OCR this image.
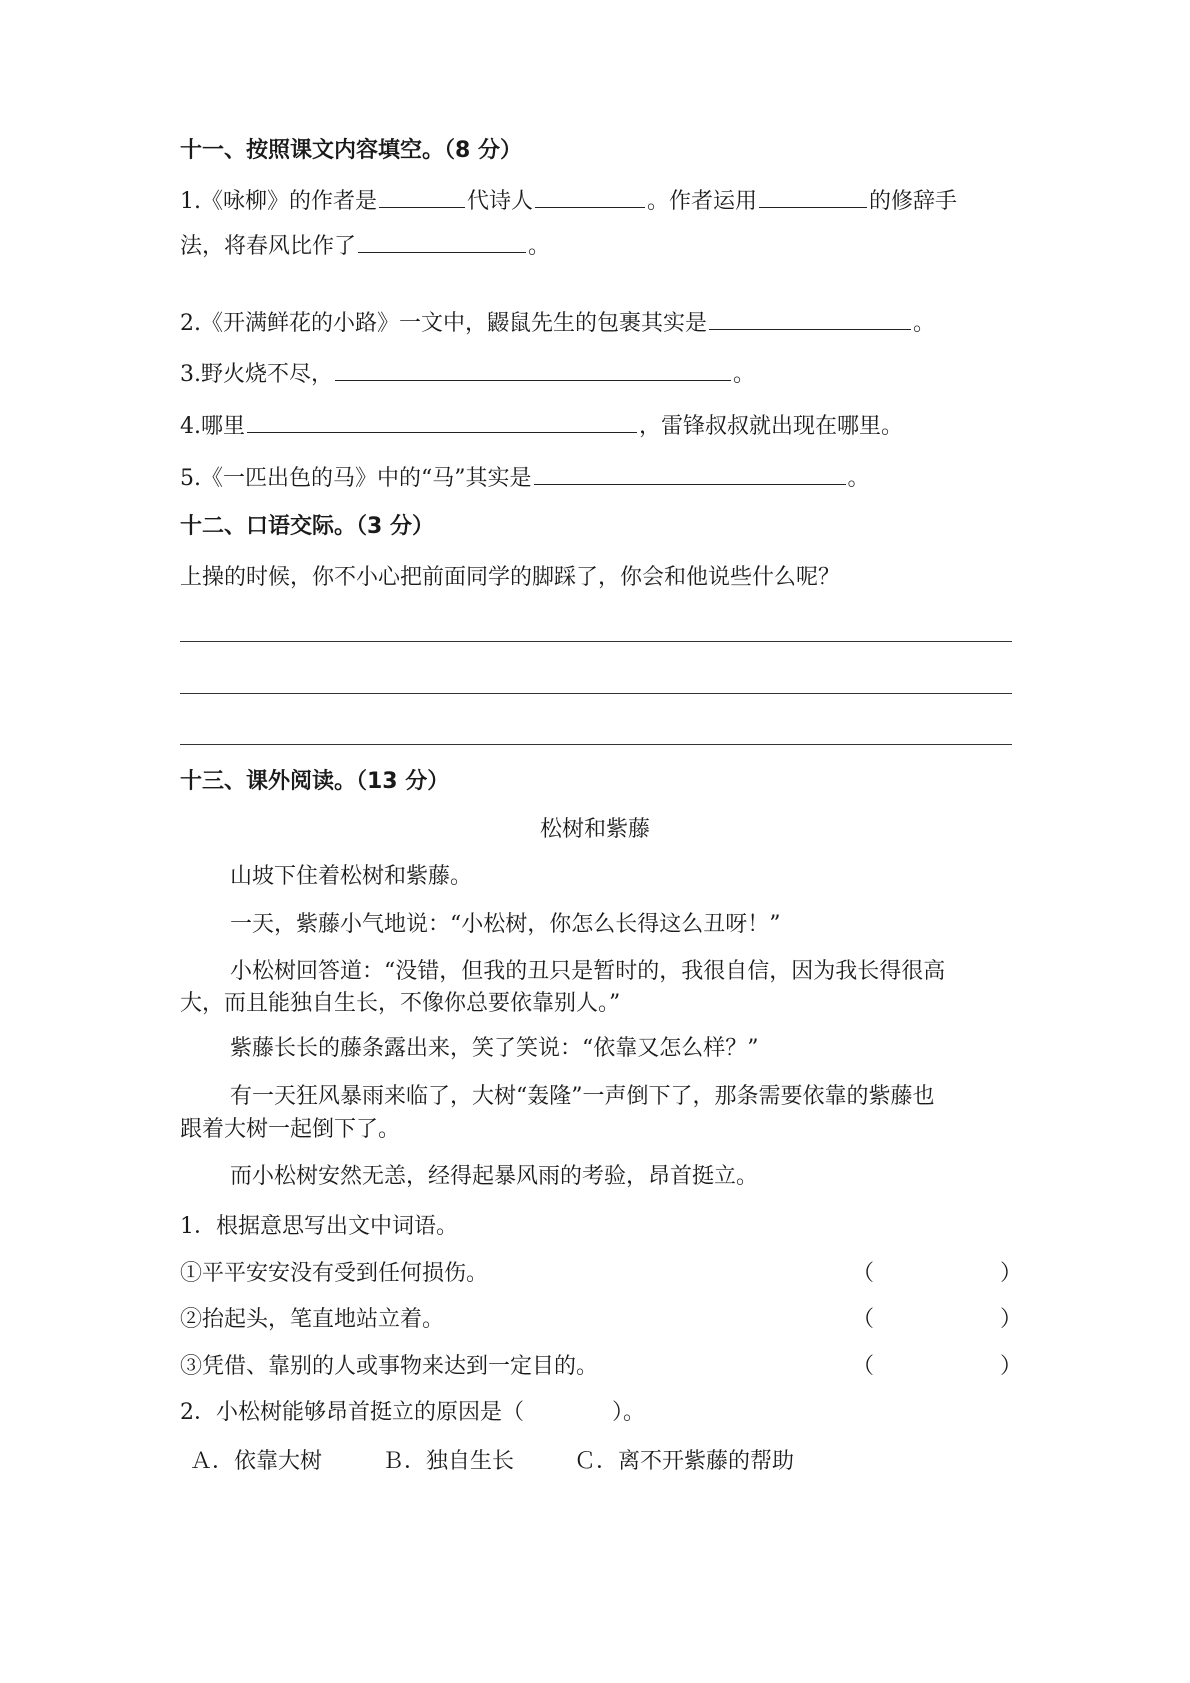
十一、按照课文内容填空。（8 分）
1.《咏柳》的作者是	代诗人	。作者运用	的修辞手
法，将春风比作了	。
2.《开满鲜花的小路》一文中，鼹鼠先生的包裹其实是	。
3.野火烧不尽，	。
4.哪里	，雷锋叔叔就出现在哪里。
5.《一匹出色的马》中的“马”其实是	。
十二、口语交际。（3 分）
上操的时候，你不小心把前面同学的脚踩了，你会和他说些什么呢？
十三、课外阅读。（13 分）
松树和紫藤
山坡下住着松树和紫藤。
一天，紫藤小气地说：“小松树，你怎么长得这么丑呀！”
小松树回答道：“没错，但我的丑只是暂时的，我很自信，因为我长得很高
大，而且能独自生长，不像你总要依靠别人。”
紫藤长长的藤条露出来，笑了笑说：“依靠又怎么样？”
有一天狂风暴雨来临了，大树“轰隆”一声倒下了，那条需要依靠的紫藤也
跟着大树一起倒下了。
而小松树安然无恙，经得起暴风雨的考验，昂首挺立。
1．根据意思写出文中词语。
①平平安安没有受到任何损伤。	（	）
②抬起头，笔直地站立着。	（	）
③凭借、靠别的人或事物来达到一定目的。	（	）
2．小松树能够昂首挺立的原因是（　　　　）。
Ａ．依靠大树	Ｂ．独自生长	Ｃ．离不开紫藤的帮助
